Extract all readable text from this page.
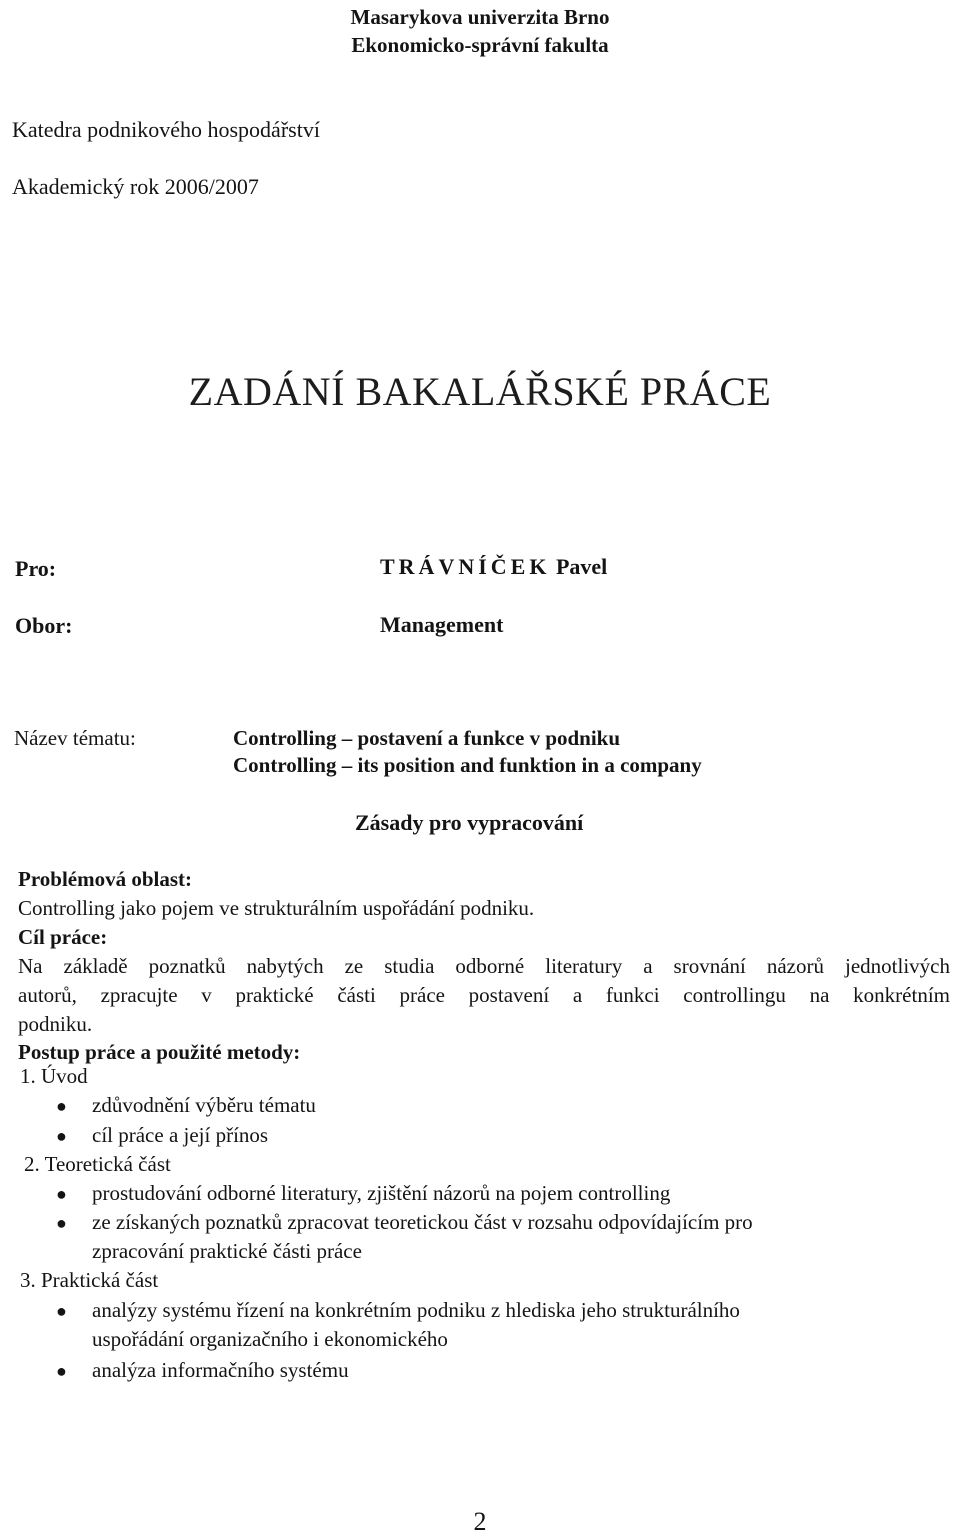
Masarykova univerzita Brno
Ekonomicko-správní fakulta
Katedra podnikového hospodářství
Akademický rok 2006/2007
ZADÁNÍ BAKALÁŘSKÉ PRÁCE
Pro:	TRÁVNÍČEK Pavel
Obor:	Management
Název tématu:	Controlling – postavení a funkce v podniku
Controlling – its position and funktion in a company
Zásady pro vypracování
Problémová oblast:
Controlling jako pojem ve strukturálním uspořádání podniku.
Cíl práce:
Na základě poznatků nabytých ze studia odborné literatury a srovnání názorů jednotlivých
autorů, zpracujte v praktické části práce postavení a funkci controllingu na konkrétním
podniku.
Postup práce a použité metody:
1. Úvod
● zdůvodnění výběru tématu
● cíl práce a její přínos
2. Teoretická část
● prostudování odborné literatury, zjištění názorů na pojem controlling
● ze získaných poznatků zpracovat teoretickou část v rozsahu odpovídajícím pro
zpracování praktické části práce
3. Praktická část
● analýzy systému řízení na konkrétním podniku z hlediska jeho strukturálního
uspořádání organizačního i ekonomického
● analýza informačního systému
2
